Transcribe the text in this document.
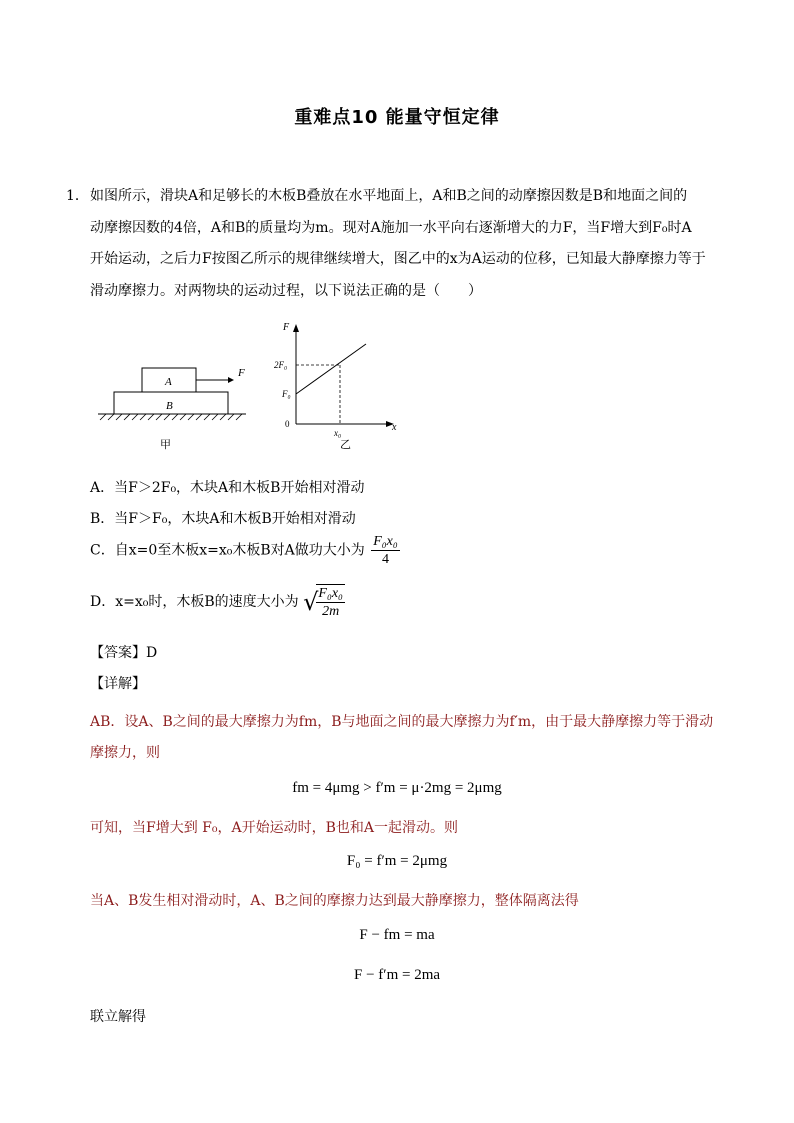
重难点10 能量守恒定律
1．如图所示，滑块A和足够长的木板B叠放在水平地面上，A和B之间的动摩擦因数是B和地面之间的
动摩擦因数的4倍，A和B的质量均为m。现对A施加一水平向右逐渐增大的力F，当F增大到F₀时A
开始运动，之后力F按图乙所示的规律继续增大，图乙中的x为A运动的位移，已知最大静摩擦力等于
滑动摩擦力。对两物块的运动过程，以下说法正确的是（　　）
A
B
F
甲
F
x
0
2F₀
F₀
x₀
乙
A．当F＞2F₀，木块A和木板B开始相对滑动
B．当F＞F₀，木块A和木板B开始相对滑动
C．自x=0至木板x=x₀木板B对A做功大小为 $\frac{\text{F₀x₀}}{4}$
D．x=x₀时，木板B的速度大小为 √
$\frac{\text{F₀x₀}}{2m}$
【答案】D
【详解】
AB．设A、B之间的最大摩擦力为fm，B与地面之间的最大摩擦力为f′m，由于最大静摩擦力等于滑动
摩擦力，则
fm = 4μmg > f′m = μ·2mg = 2μmg
可知，当F增大到 F₀，A开始运动时，B也和A一起滑动。则
F₀ = f′m = 2μmg
当A、B发生相对滑动时，A、B之间的摩擦力达到最大静摩擦力，整体隔离法得
F − fm = ma
F − f′m = 2ma
联立解得
